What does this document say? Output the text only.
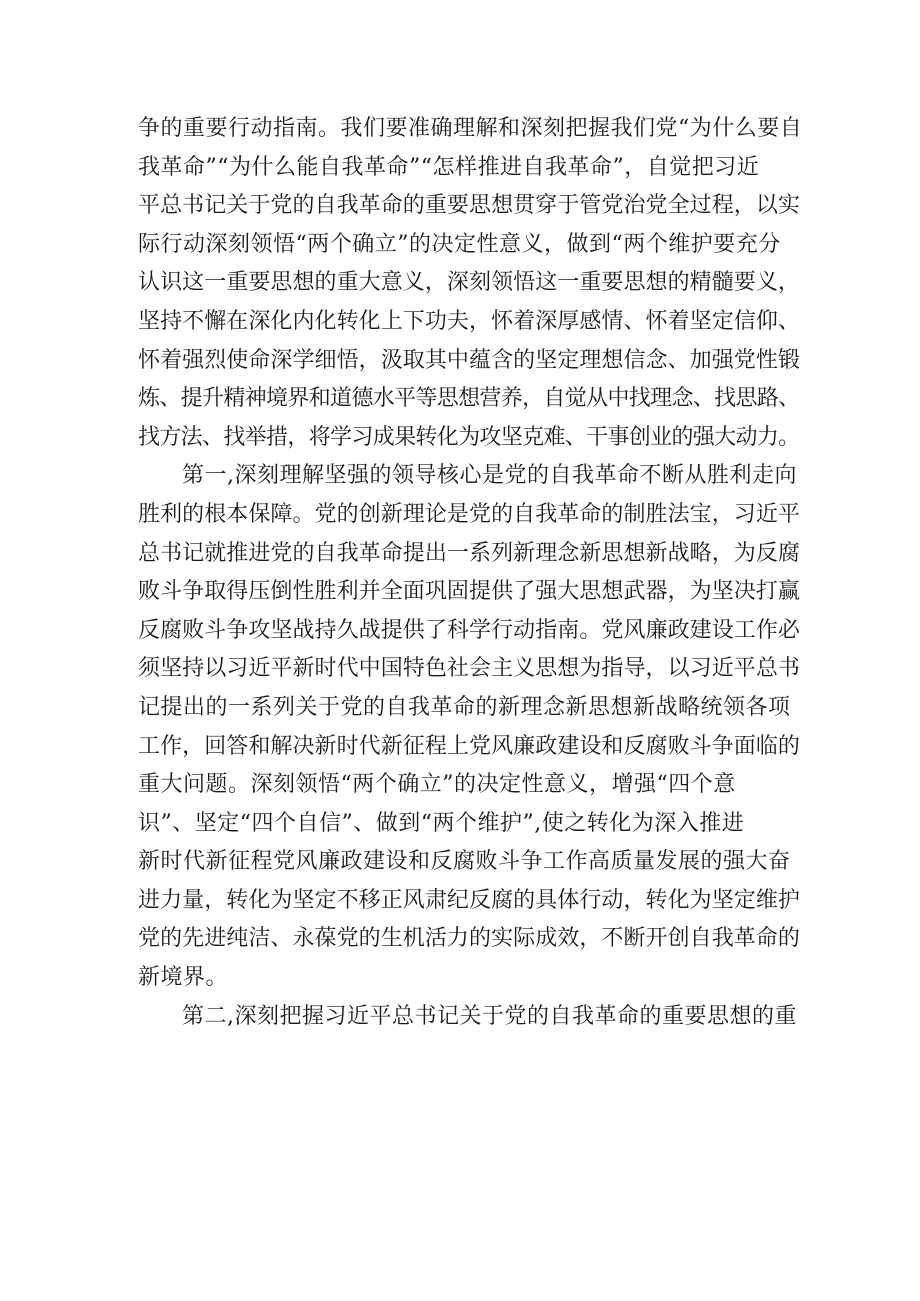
争的重要行动指南。我们要准确理解和深刻把握我们党“为什么要自
我革命”“为什么能自我革命”“怎样推进自我革命”，自觉把习近
平总书记关于党的自我革命的重要思想贯穿于管党治党全过程，以实
际行动深刻领悟“两个确立”的决定性意义，做到“两个维护要充分
认识这一重要思想的重大意义，深刻领悟这一重要思想的精髓要义，
坚持不懈在深化内化转化上下功夫，怀着深厚感情、怀着坚定信仰、
怀着强烈使命深学细悟，汲取其中蕴含的坚定理想信念、加强党性锻
炼、提升精神境界和道德水平等思想营养，自觉从中找理念、找思路、
找方法、找举措，将学习成果转化为攻坚克难、干事创业的强大动力。
第一,深刻理解坚强的领导核心是党的自我革命不断从胜利走向
胜利的根本保障。党的创新理论是党的自我革命的制胜法宝，习近平
总书记就推进党的自我革命提出一系列新理念新思想新战略，为反腐
败斗争取得压倒性胜利并全面巩固提供了强大思想武器，为坚决打赢
反腐败斗争攻坚战持久战提供了科学行动指南。党风廉政建设工作必
须坚持以习近平新时代中国特色社会主义思想为指导，以习近平总书
记提出的一系列关于党的自我革命的新理念新思想新战略统领各项
工作，回答和解决新时代新征程上党风廉政建设和反腐败斗争面临的
重大问题。深刻领悟“两个确立”的决定性意义，增强“四个意
识”、坚定“四个自信”、做到“两个维护”,使之转化为深入推进
新时代新征程党风廉政建设和反腐败斗争工作高质量发展的强大奋
进力量，转化为坚定不移正风肃纪反腐的具体行动，转化为坚定维护
党的先进纯洁、永葆党的生机活力的实际成效，不断开创自我革命的
新境界。
第二,深刻把握习近平总书记关于党的自我革命的重要思想的重
